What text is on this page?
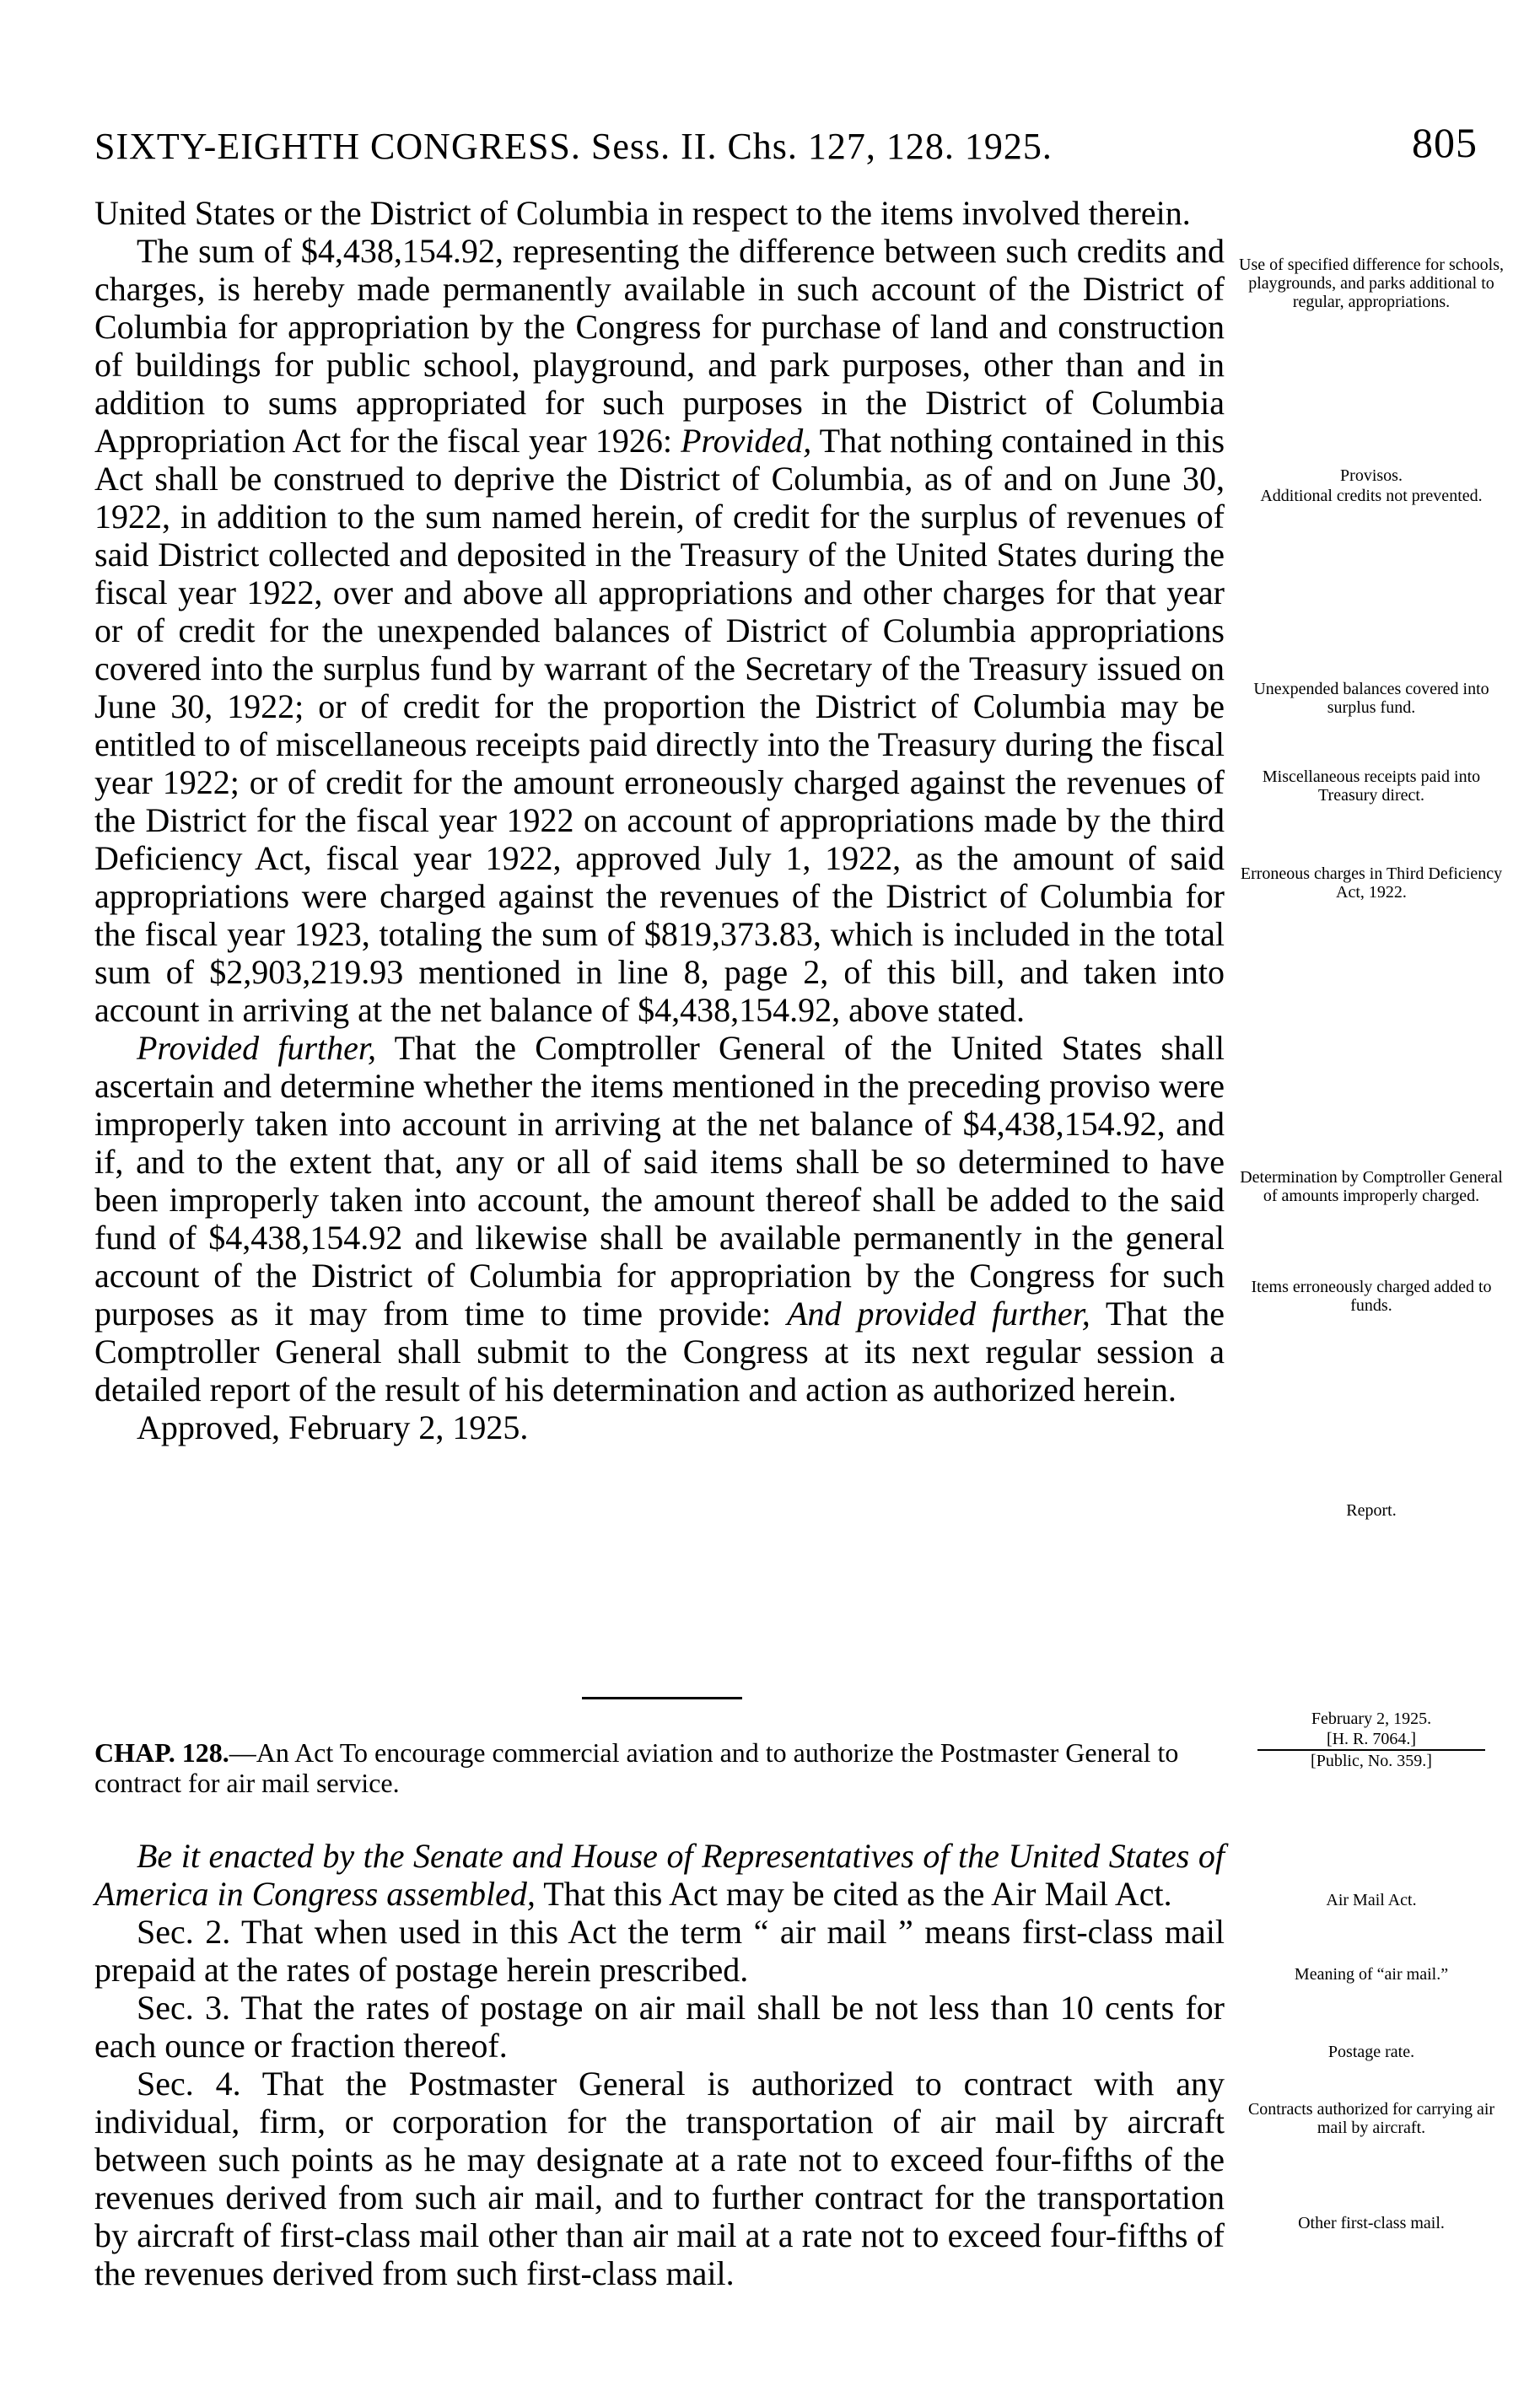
SIXTY-EIGHTH CONGRESS. Sess. II. Chs. 127, 128. 1925.	805

United States or the District of Columbia in respect to the items involved therein.

The sum of $4,438,154.92, representing the difference between such credits and charges, is hereby made permanently available in such account of the District of Columbia for appropriation by the Congress for purchase of land and construction of buildings for public school, playground, and park purposes, other than and in addition to sums appropriated for such purposes in the District of Columbia Appropriation Act for the fiscal year 1926: Provided, That nothing contained in this Act shall be construed to deprive the District of Columbia, as of and on June 30, 1922, in addition to the sum named herein, of credit for the surplus of revenues of said District collected and deposited in the Treasury of the United States during the fiscal year 1922, over and above all appropriations and other charges for that year or of credit for the unexpended balances of District of Columbia appropriations covered into the surplus fund by warrant of the Secretary of the Treasury issued on June 30, 1922; or of credit for the proportion the District of Columbia may be entitled to of miscellaneous receipts paid directly into the Treasury during the fiscal year 1922; or of credit for the amount erroneously charged against the revenues of the District for the fiscal year 1922 on account of appropriations made by the third Deficiency Act, fiscal year 1922, approved July 1, 1922, as the amount of said appropriations were charged against the revenues of the District of Columbia for the fiscal year 1923, totaling the sum of $819,373.83, which is included in the total sum of $2,903,219.93 mentioned in line 8, page 2, of this bill, and taken into account in arriving at the net balance of $4,438,154.92, above stated.

Provided further, That the Comptroller General of the United States shall ascertain and determine whether the items mentioned in the preceding proviso were improperly taken into account in arriving at the net balance of $4,438,154.92, and if, and to the extent that, any or all of said items shall be so determined to have been improperly taken into account, the amount thereof shall be added to the said fund of $4,438,154.92 and likewise shall be available permanently in the general account of the District of Columbia for appropriation by the Congress for such purposes as it may from time to time provide: And provided further, That the Comptroller General shall submit to the Congress at its next regular session a detailed report of the result of his determination and action as authorized herein.

Approved, February 2, 1925.

Use of specified difference for schools, playgrounds, and parks additional to regular, appropriations.
Provisos.
Additional credits not prevented.
Unexpended balances covered into surplus fund.
Miscellaneous receipts paid into Treasury direct.
Erroneous charges in Third Deficiency Act, 1922.
Determination by Comptroller General of amounts improperly charged.
Items erroneously charged added to funds.
Report.
February 2, 1925.
[H. R. 7064.]
[Public, No. 359.]
CHAP. 128.—An Act To encourage commercial aviation and to authorize the Postmaster General to contract for air mail service.

Be it enacted by the Senate and House of Representatives of the United States of America in Congress assembled, That this Act may be cited as the Air Mail Act.

Sec. 2. That when used in this Act the term “ air mail ” means first-class mail prepaid at the rates of postage herein prescribed.

Sec. 3. That the rates of postage on air mail shall be not less than 10 cents for each ounce or fraction thereof.

Sec. 4. That the Postmaster General is authorized to contract with any individual, firm, or corporation for the transportation of air mail by aircraft between such points as he may designate at a rate not to exceed four-fifths of the revenues derived from such air mail, and to further contract for the transportation by aircraft of first-class mail other than air mail at a rate not to exceed four-fifths of the revenues derived from such first-class mail.

Air Mail Act.
Meaning of “air mail.”
Postage rate.
Contracts authorized for carrying air mail by aircraft.
Other first-class mail.
